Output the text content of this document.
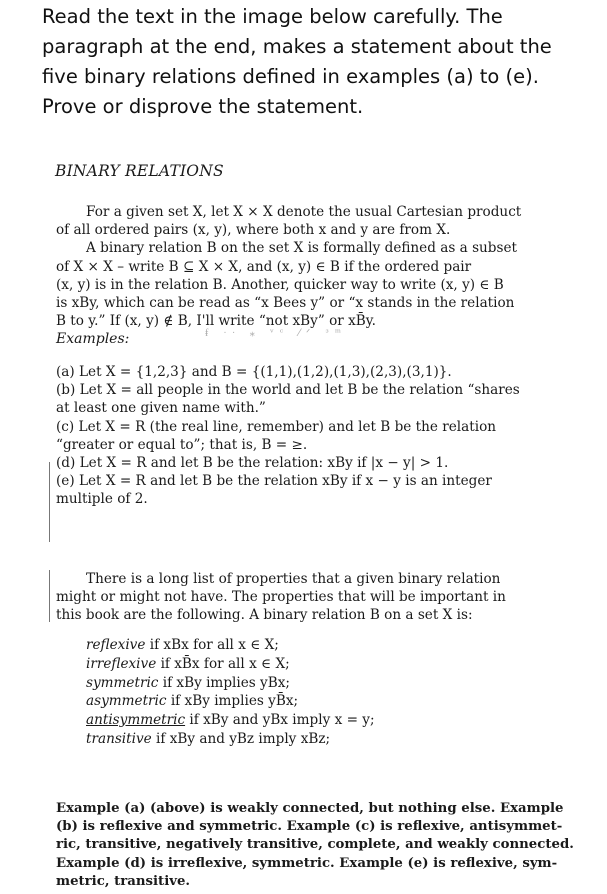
Read the text in the image below carefully. The paragraph at the end, makes a statement about the five binary relations defined in examples (a) to (e). Prove or disprove the statement.
BINARY RELATIONS
For a given set X, let X × X denote the usual Cartesian product
of all ordered pairs (x, y), where both x and y are from X.
A binary relation B on the set X is formally defined as a subset
of X × X – write B ⊆ X × X, and (x, y) ∈ B if the ordered pair
(x, y) is in the relation B. Another, quicker way to write (x, y) ∈ B
is xBy, which can be read as “x Bees y” or “x stands in the relation
B to y.” If (x, y) ∉ B, I'll write “not xBy” or xB̄y.
Examples:	ᵮ ᐧᐧ ⁎ ᵛᶜ ⁄ᐟ ᵌᵐ
(a) Let X = {1,2,3} and B = {(1,1),(1,2),(1,3),(2,3),(3,1)}.
(b) Let X = all people in the world and let B be the relation “shares
at least one given name with.”
(c) Let X = R (the real line, remember) and let B be the relation
“greater or equal to”; that is, B = ≥.
(d) Let X = R and let B be the relation: xBy if |x − y| > 1.
(e) Let X = R and let B be the relation xBy if x − y is an integer
multiple of 2.
There is a long list of properties that a given binary relation
might or might not have. The properties that will be important in
this book are the following. A binary relation B on a set X is:
reflexive if xBx for all x ∈ X;
irreflexive if xB̄x for all x ∈ X;
symmetric if xBy implies yBx;
asymmetric if xBy implies yB̄x;
antisymmetric if xBy and yBx imply x = y;
transitive if xBy and yBz imply xBz;
Example (a) (above) is weakly connected, but nothing else. Example
(b) is reflexive and symmetric. Example (c) is reflexive, antisymmet-
ric, transitive, negatively transitive, complete, and weakly connected.
Example (d) is irreflexive, symmetric. Example (e) is reflexive, sym-
metric, transitive.
